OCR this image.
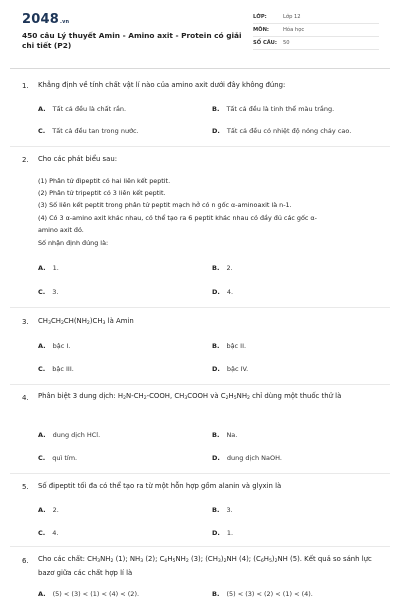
2048.vn
450 câu Lý thuyết Amin - Amino axit - Protein có giải chi tiết (P2)
LỚP:	Lớp 12
MÔN:	Hóa học
SỐ CÂU:	50
1. Khẳng định về tính chất vật lí nào của amino axit dưới đây không đúng:
A. Tất cả đều là chất rắn.	B. Tất cả đều là tinh thể màu trắng.
C. Tất cả đều tan trong nước.	D. Tất cả đều có nhiệt độ nóng chảy cao.
2. Cho các phát biểu sau:
(1) Phân tử đipeptit có hai liên kết peptit.
(2) Phân tử tripeptit có 3 liên kết peptit.
(3) Số liên kết peptit trong phân tử peptit mạch hở có n gốc α-aminoaxit là n-1.
(4) Có 3 α-amino axit khác nhau, có thể tạo ra 6 peptit khác nhau có đầy đủ các gốc α-
amino axit đó.
Số nhận định đúng là:
A. 1.	B. 2.
C. 3.	D. 4.
3. $CH_3CH_2CH(NH_2)CH_3$ là Amin
A. bậc I.	B. bậc II.
C. bậc III.	D. bậc IV.
4. Phân biệt 3 dung dịch: $H_2N-CH_2$-COOH, $CH_3COOH$ và $C_2H_5NH_2$ chỉ dùng một thuốc thử là
A. dung dịch HCl.	B. Na.
C. quì tím.	D. dung dịch NaOH.
5. Số đipeptit tối đa có thể tạo ra từ một hỗn hợp gồm alanin và glyxin là
A. 2.	B. 3.
C. 4.	D. 1.
6. Cho các chất: $CH_3NH_2$ (1); $NH_3$ (2); $C_6H_5NH_2$ (3); $(CH_3)_2NH$ (4); $(C_6H_5)_2NH$ (5). Kết quả so sánh lực bazơ giữa các chất hợp lí là
A. (5) < (3) < (1) < (4) < (2).	B. (5) < (3) < (2) < (1) < (4).
